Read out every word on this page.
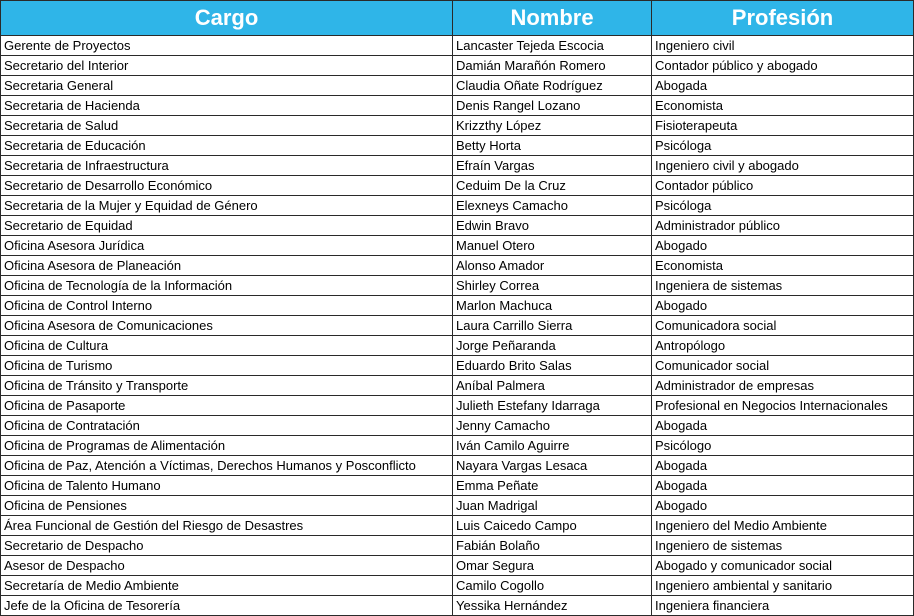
Cargo	Nombre	Profesión
Gerente de Proyectos	Lancaster Tejeda Escocia	Ingeniero civil
Secretario del Interior	Damián Marañón Romero	Contador público y abogado
Secretaria General	Claudia Oñate Rodríguez	Abogada
Secretaria de Hacienda	Denis Rangel Lozano	Economista
Secretaria de Salud	Krizzthy López	Fisioterapeuta
Secretaria de Educación	Betty Horta	Psicóloga
Secretaria de Infraestructura	Efraín Vargas	Ingeniero civil y abogado
Secretario de Desarrollo Económico	Ceduim De la Cruz	Contador público
Secretaria de la Mujer y Equidad de Género	Elexneys Camacho	Psicóloga
Secretario de Equidad	Edwin Bravo	Administrador público
Oficina Asesora Jurídica	Manuel Otero	Abogado
Oficina Asesora de Planeación	Alonso Amador	Economista
Oficina de Tecnología de la Información	Shirley Correa	Ingeniera de sistemas
Oficina de Control Interno	Marlon Machuca	Abogado
Oficina Asesora de Comunicaciones	Laura Carrillo Sierra	Comunicadora social
Oficina de Cultura	Jorge Peñaranda	Antropólogo
Oficina de Turismo	Eduardo Brito Salas	Comunicador social
Oficina de Tránsito y Transporte	Aníbal Palmera	Administrador de empresas
Oficina de Pasaporte	Julieth Estefany Idarraga	Profesional en Negocios Internacionales
Oficina de Contratación	Jenny Camacho	Abogada
Oficina de Programas de Alimentación	Iván Camilo Aguirre	Psicólogo
Oficina de Paz, Atención a Víctimas, Derechos Humanos y Posconflicto	Nayara Vargas Lesaca	Abogada
Oficina de Talento Humano	Emma Peñate	Abogada
Oficina de Pensiones	Juan Madrigal	Abogado
Área Funcional de Gestión del Riesgo de Desastres	Luis Caicedo Campo	Ingeniero del Medio Ambiente
Secretario de Despacho	Fabián Bolaño	Ingeniero de sistemas
Asesor de Despacho	Omar Segura	Abogado y comunicador social
Secretaría de Medio Ambiente	Camilo Cogollo	Ingeniero ambiental y sanitario
Jefe de la Oficina de Tesorería	Yessika Hernández	Ingeniera financiera
